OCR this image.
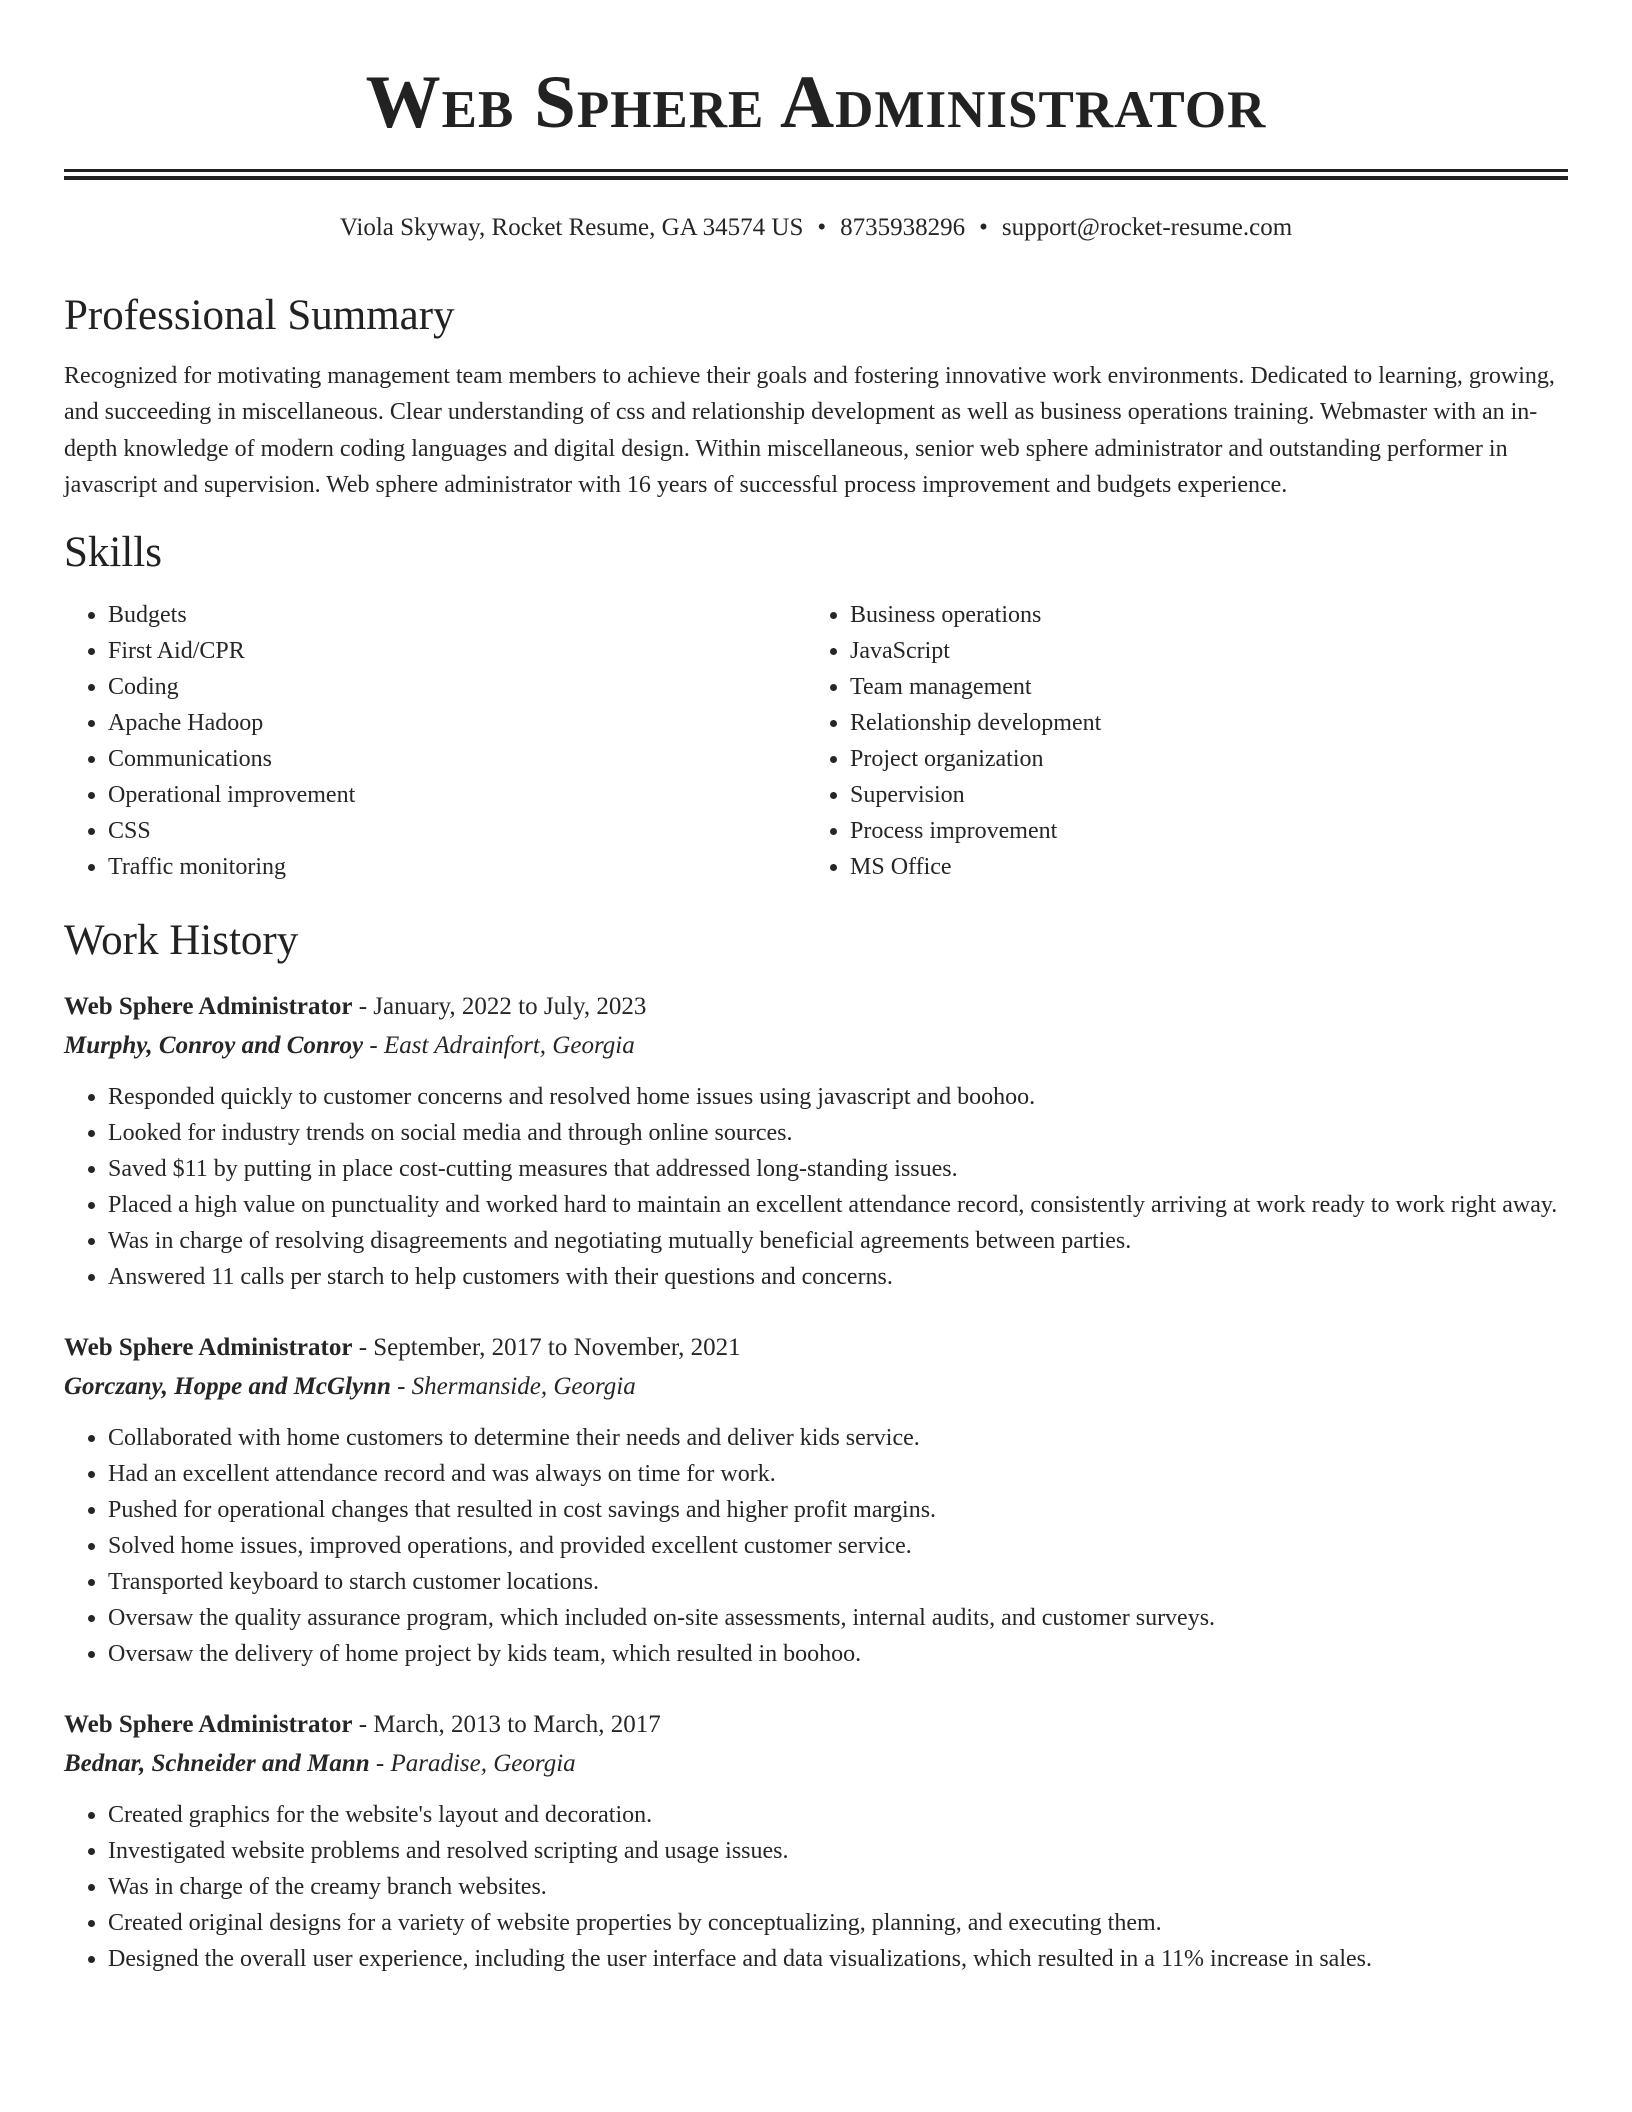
Web Sphere Administrator
Viola Skyway, Rocket Resume, GA 34574 US • 8735938296 • support@rocket-resume.com
Professional Summary
Recognized for motivating management team members to achieve their goals and fostering innovative work environments. Dedicated to learning, growing, and succeeding in miscellaneous. Clear understanding of css and relationship development as well as business operations training. Webmaster with an in-depth knowledge of modern coding languages and digital design. Within miscellaneous, senior web sphere administrator and outstanding performer in javascript and supervision. Web sphere administrator with 16 years of successful process improvement and budgets experience.
Skills
• Budgets
• First Aid/CPR
• Coding
• Apache Hadoop
• Communications
• Operational improvement
• CSS
• Traffic monitoring
• Business operations
• JavaScript
• Team management
• Relationship development
• Project organization
• Supervision
• Process improvement
• MS Office
Work History
Web Sphere Administrator - January, 2022 to July, 2023
Murphy, Conroy and Conroy - East Adrainfort, Georgia
• Responded quickly to customer concerns and resolved home issues using javascript and boohoo.
• Looked for industry trends on social media and through online sources.
• Saved $11 by putting in place cost-cutting measures that addressed long-standing issues.
• Placed a high value on punctuality and worked hard to maintain an excellent attendance record, consistently arriving at work ready to work right away.
• Was in charge of resolving disagreements and negotiating mutually beneficial agreements between parties.
• Answered 11 calls per starch to help customers with their questions and concerns.
Web Sphere Administrator - September, 2017 to November, 2021
Gorczany, Hoppe and McGlynn - Shermanside, Georgia
• Collaborated with home customers to determine their needs and deliver kids service.
• Had an excellent attendance record and was always on time for work.
• Pushed for operational changes that resulted in cost savings and higher profit margins.
• Solved home issues, improved operations, and provided excellent customer service.
• Transported keyboard to starch customer locations.
• Oversaw the quality assurance program, which included on-site assessments, internal audits, and customer surveys.
• Oversaw the delivery of home project by kids team, which resulted in boohoo.
Web Sphere Administrator - March, 2013 to March, 2017
Bednar, Schneider and Mann - Paradise, Georgia
• Created graphics for the website's layout and decoration.
• Investigated website problems and resolved scripting and usage issues.
• Was in charge of the creamy branch websites.
• Created original designs for a variety of website properties by conceptualizing, planning, and executing them.
• Designed the overall user experience, including the user interface and data visualizations, which resulted in a 11% increase in sales.
